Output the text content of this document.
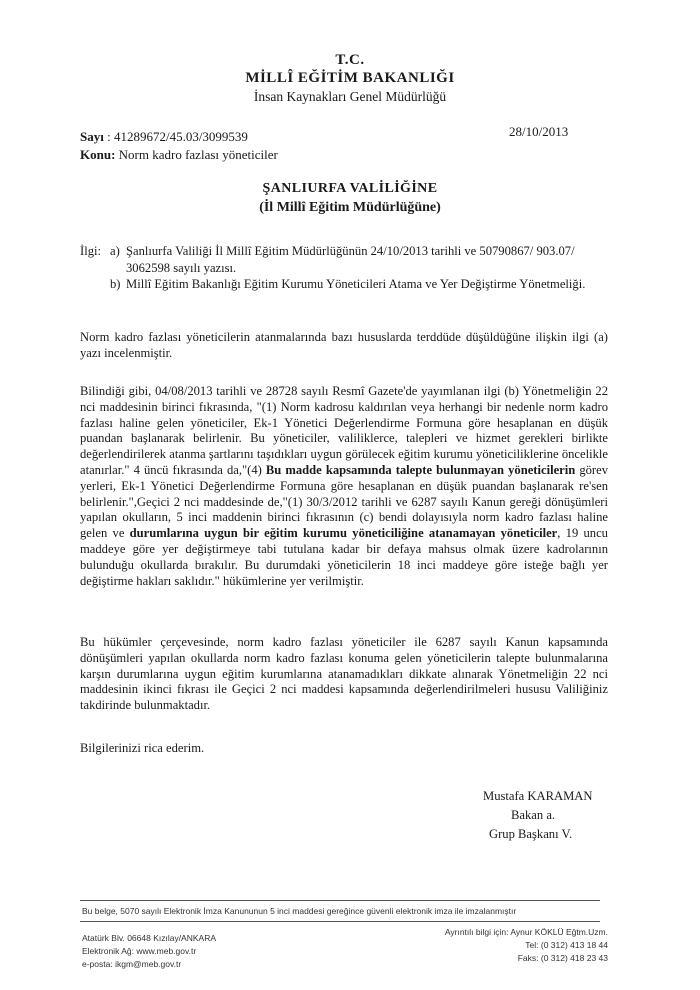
T.C.
MİLLÎ EĞİTİM BAKANLIĞI
İnsan Kaynakları Genel Müdürlüğü
Sayı : 41289672/45.03/3099539
Konu: Norm kadro fazlası yöneticiler
28/10/2013
ŞANLIURFA VALİLİĞİNE
(İl Millî Eğitim Müdürlüğüne)
İlgi: a) Şanlıurfa Valiliği İl Millî Eğitim Müdürlüğünün 24/10/2013 tarihli ve 50790867/ 903.07/ 3062598 sayılı yazısı.
b) Millî Eğitim Bakanlığı Eğitim Kurumu Yöneticileri Atama ve Yer Değiştirme Yönetmeliği.
Norm kadro fazlası yöneticilerin atanmalarında bazı hususlarda terddüde düşüldüğüne ilişkin ilgi (a) yazı incelenmiştir.
Bilindiği gibi, 04/08/2013 tarihli ve 28728 sayılı Resmî Gazete'de yayımlanan ilgi (b) Yönetmeliğin 22 nci maddesinin birinci fıkrasında, "(1) Norm kadrosu kaldırılan veya herhangi bir nedenle norm kadro fazlası haline gelen yöneticiler, Ek-1 Yönetici Değerlendirme Formuna göre hesaplanan en düşük puandan başlanarak belirlenir. Bu yöneticiler, valiliklerce, talepleri ve hizmet gerekleri birlikte değerlendirilerek atanma şartlarını taşıdıkları uygun görülecek eğitim kurumu yöneticiliklerine öncelikle atanırlar." 4 üncü fıkrasında da,"(4) Bu madde kapsamında talepte bulunmayan yöneticilerin görev yerleri, Ek-1 Yönetici Değerlendirme Formuna göre hesaplanan en düşük puandan başlanarak re'sen belirlenir.",Geçici 2 nci maddesinde de,"(1) 30/3/2012 tarihli ve 6287 sayılı Kanun gereği dönüşümleri yapılan okulların, 5 inci maddenin birinci fıkrasının (c) bendi dolayısıyla norm kadro fazlası haline gelen ve durumlarına uygun bir eğitim kurumu yöneticiliğine atanamayan yöneticiler, 19 uncu maddeye göre yer değiştirmeye tabi tutulana kadar bir defaya mahsus olmak üzere kadrolarının bulunduğu okullarda bırakılır. Bu durumdaki yöneticilerin 18 inci maddeye göre isteğe bağlı yer değiştirme hakları saklıdır." hükümlerine yer verilmiştir.
Bu hükümler çerçevesinde, norm kadro fazlası yöneticiler ile 6287 sayılı Kanun kapsamında dönüşümleri yapılan okullarda norm kadro fazlası konuma gelen yöneticilerin talepte bulunmalarına karşın durumlarına uygun eğitim kurumlarına atanamadıkları dikkate alınarak Yönetmeliğin 22 nci maddesinin ikinci fıkrası ile Geçici 2 nci maddesi kapsamında değerlendirilmeleri hususu Valiliğiniz takdirinde bulunmaktadır.
Bilgilerinizi rica ederim.
Mustafa KARAMAN
Bakan a.
Grup Başkanı V.
Bu belge, 5070 sayılı Elektronik İmza Kanununun 5 inci maddesi gereğince güvenli elektronik imza ile imzalanmıştır
Atatürk Blv. 06648 Kızılay/ANKARA
Elektronik Ağ: www.meb.gov.tr
e-posta: ikgm@meb.gov.tr
Ayrıntılı bilgi için: Aynur KÖKLÜ Eğtm.Uzm.
Tel: (0 312) 413 18 44
Faks: (0 312) 418 23 43
